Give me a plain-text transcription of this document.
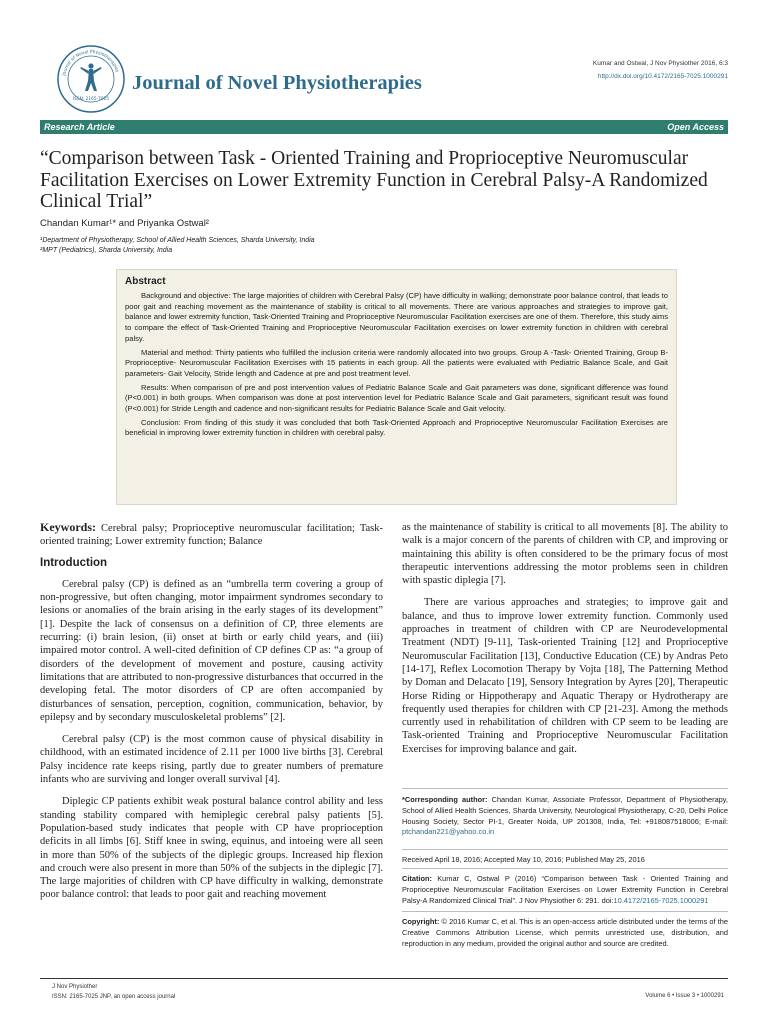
Journal of Novel Physiotherapies
ISSN: 2165-7025
Journal of Novel Physiotherapies
Kumar and Ostwal, J Nov Physiother 2016, 6:3
http://dx.doi.org/10.4172/2165-7025.1000291
Research Article	Open Access
“Comparison between Task - Oriented Training and Proprioceptive Neuromuscular Facilitation Exercises on Lower Extremity Function in Cerebral Palsy-A Randomized Clinical Trial”
Chandan Kumar¹* and Priyanka Ostwal²
¹Department of Physiotherapy, School of Allied Health Sciences, Sharda University, India
²MPT (Pediatrics), Sharda University, India
Abstract

Background and objective: The large majorities of children with Cerebral Palsy (CP) have difficulty in walking; demonstrate poor balance control, that leads to poor gait and reaching movement as the maintenance of stability is critical to all movements. There are various approaches and strategies to improve gait, balance and lower extremity function, Task-Oriented Training and Proprioceptive Neuromuscular Facilitation exercises are one of them. Therefore, this study aims to compare the effect of Task-Oriented Training and Proprioceptive Neuromuscular Facilitation exercises on lower extremity function in children with cerebral palsy.

Material and method: Thirty patients who fulfilled the inclusion criteria were randomly allocated into two groups. Group A -Task- Oriented Training, Group B- Proprioceptive- Neuromuscular Facilitation Exercises with 15 patients in each group. All the patients were evaluated with Pediatric Balance Scale, and Gait parameters- Gait Velocity, Stride length and Cadence at pre and post treatment level.

Results: When comparison of pre and post intervention values of Pediatric Balance Scale and Gait parameters was done, significant difference was found (P<0.001) in both groups. When comparison was done at post intervention level for Pediatric Balance Scale and Gait parameters, significant result was found (P<0.001) for Stride Length and cadence and non-significant results for Pediatric Balance Scale and Gait velocity.

Conclusion: From finding of this study it was concluded that both Task-Oriented Approach and Proprioceptive Neuromuscular Facilitation Exercises are beneficial in improving lower extremity function in children with cerebral palsy.

Keywords: Cerebral palsy; Proprioceptive neuromuscular facilitation; Task-oriented training; Lower extremity function; Balance

Introduction

Cerebral palsy (CP) is defined as an “umbrella term covering a group of non-progressive, but often changing, motor impairment syndromes secondary to lesions or anomalies of the brain arising in the early stages of its development” [1]. Despite the lack of consensus on a definition of CP, three elements are recurring: (i) brain lesion, (ii) onset at birth or early child years, and (iii) impaired motor control. A well-cited definition of CP defines CP as: “a group of disorders of the development of movement and posture, causing activity limitations that are attributed to non-progressive disturbances that occurred in the developing fetal. The motor disorders of CP are often accompanied by disturbances of sensation, perception, cognition, communication, behavior, by epilepsy and by secondary musculoskeletal problems” [2].

Cerebral palsy (CP) is the most common cause of physical disability in childhood, with an estimated incidence of 2.11 per 1000 live births [3]. Cerebral Palsy incidence rate keeps rising, partly due to greater numbers of premature infants who are surviving and longer overall survival [4].

Diplegic CP patients exhibit weak postural balance control ability and less standing stability compared with hemiplegic cerebral palsy patients [5]. Population-based study indicates that people with CP have proprioception deficits in all limbs [6]. Stiff knee in swing, equinus, and intoeing were all seen in more than 50% of the subjects of the diplegic groups. Increased hip flexion and crouch were also present in more than 50% of the subjects in the diplegic [7]. The large majorities of children with CP have difficulty in walking, demonstrate poor balance control: that leads to poor gait and reaching movement

as the maintenance of stability is critical to all movements [8]. The ability to walk is a major concern of the parents of children with CP, and improving or maintaining this ability is often considered to be the primary focus of most therapeutic interventions addressing the motor problems seen in children with spastic diplegia [7].

There are various approaches and strategies; to improve gait and balance, and thus to improve lower extremity function. Commonly used approaches in treatment of children with CP are Neurodevelopmental Treatment (NDT) [9-11], Task-oriented Training [12] and Proprioceptive Neuromuscular Facilitation [13], Conductive Education (CE) by Andras Peto [14-17], Reflex Locomotion Therapy by Vojta [18], The Patterning Method by Doman and Delacato [19], Sensory Integration by Ayres [20], Therapeutic Horse Riding or Hippotherapy and Aquatic Therapy or Hydrotherapy are frequently used therapies for children with CP [21-23]. Among the methods currently used in rehabilitation of children with CP seem to be leading are Task-oriented Training and Proprioceptive Neuromuscular Facilitation Exercises for improving balance and gait.

*Corresponding author: Chandan Kumar, Associate Professor, Department of Physiotherapy, School of Allied Health Sciences, Sharda University, Neurological Physiotherapy, C-20, Delhi Police Housing Society, Sector PI-1, Greater Noida, UP 201308, India, Tel: +918087518006; E-mail: ptchandan221@yahoo.co.in
Received April 18, 2016; Accepted May 10, 2016; Published May 25, 2016
Citation: Kumar C, Ostwal P (2016) “Comparison between Task - Oriented Training and Proprioceptive Neuromuscular Facilitation Exercises on Lower Extremity Function in Cerebral Palsy-A Randomized Clinical Trial”. J Nov Physiother 6: 291. doi:10.4172/2165-7025.1000291
Copyright: © 2016 Kumar C, et al. This is an open-access article distributed under the terms of the Creative Commons Attribution License, which permits unrestricted use, distribution, and reproduction in any medium, provided the original author and source are credited.
J Nov Physiother
ISSN: 2165-7025 JNP, an open access journal	Volume 6 • Issue 3 • 1000291
